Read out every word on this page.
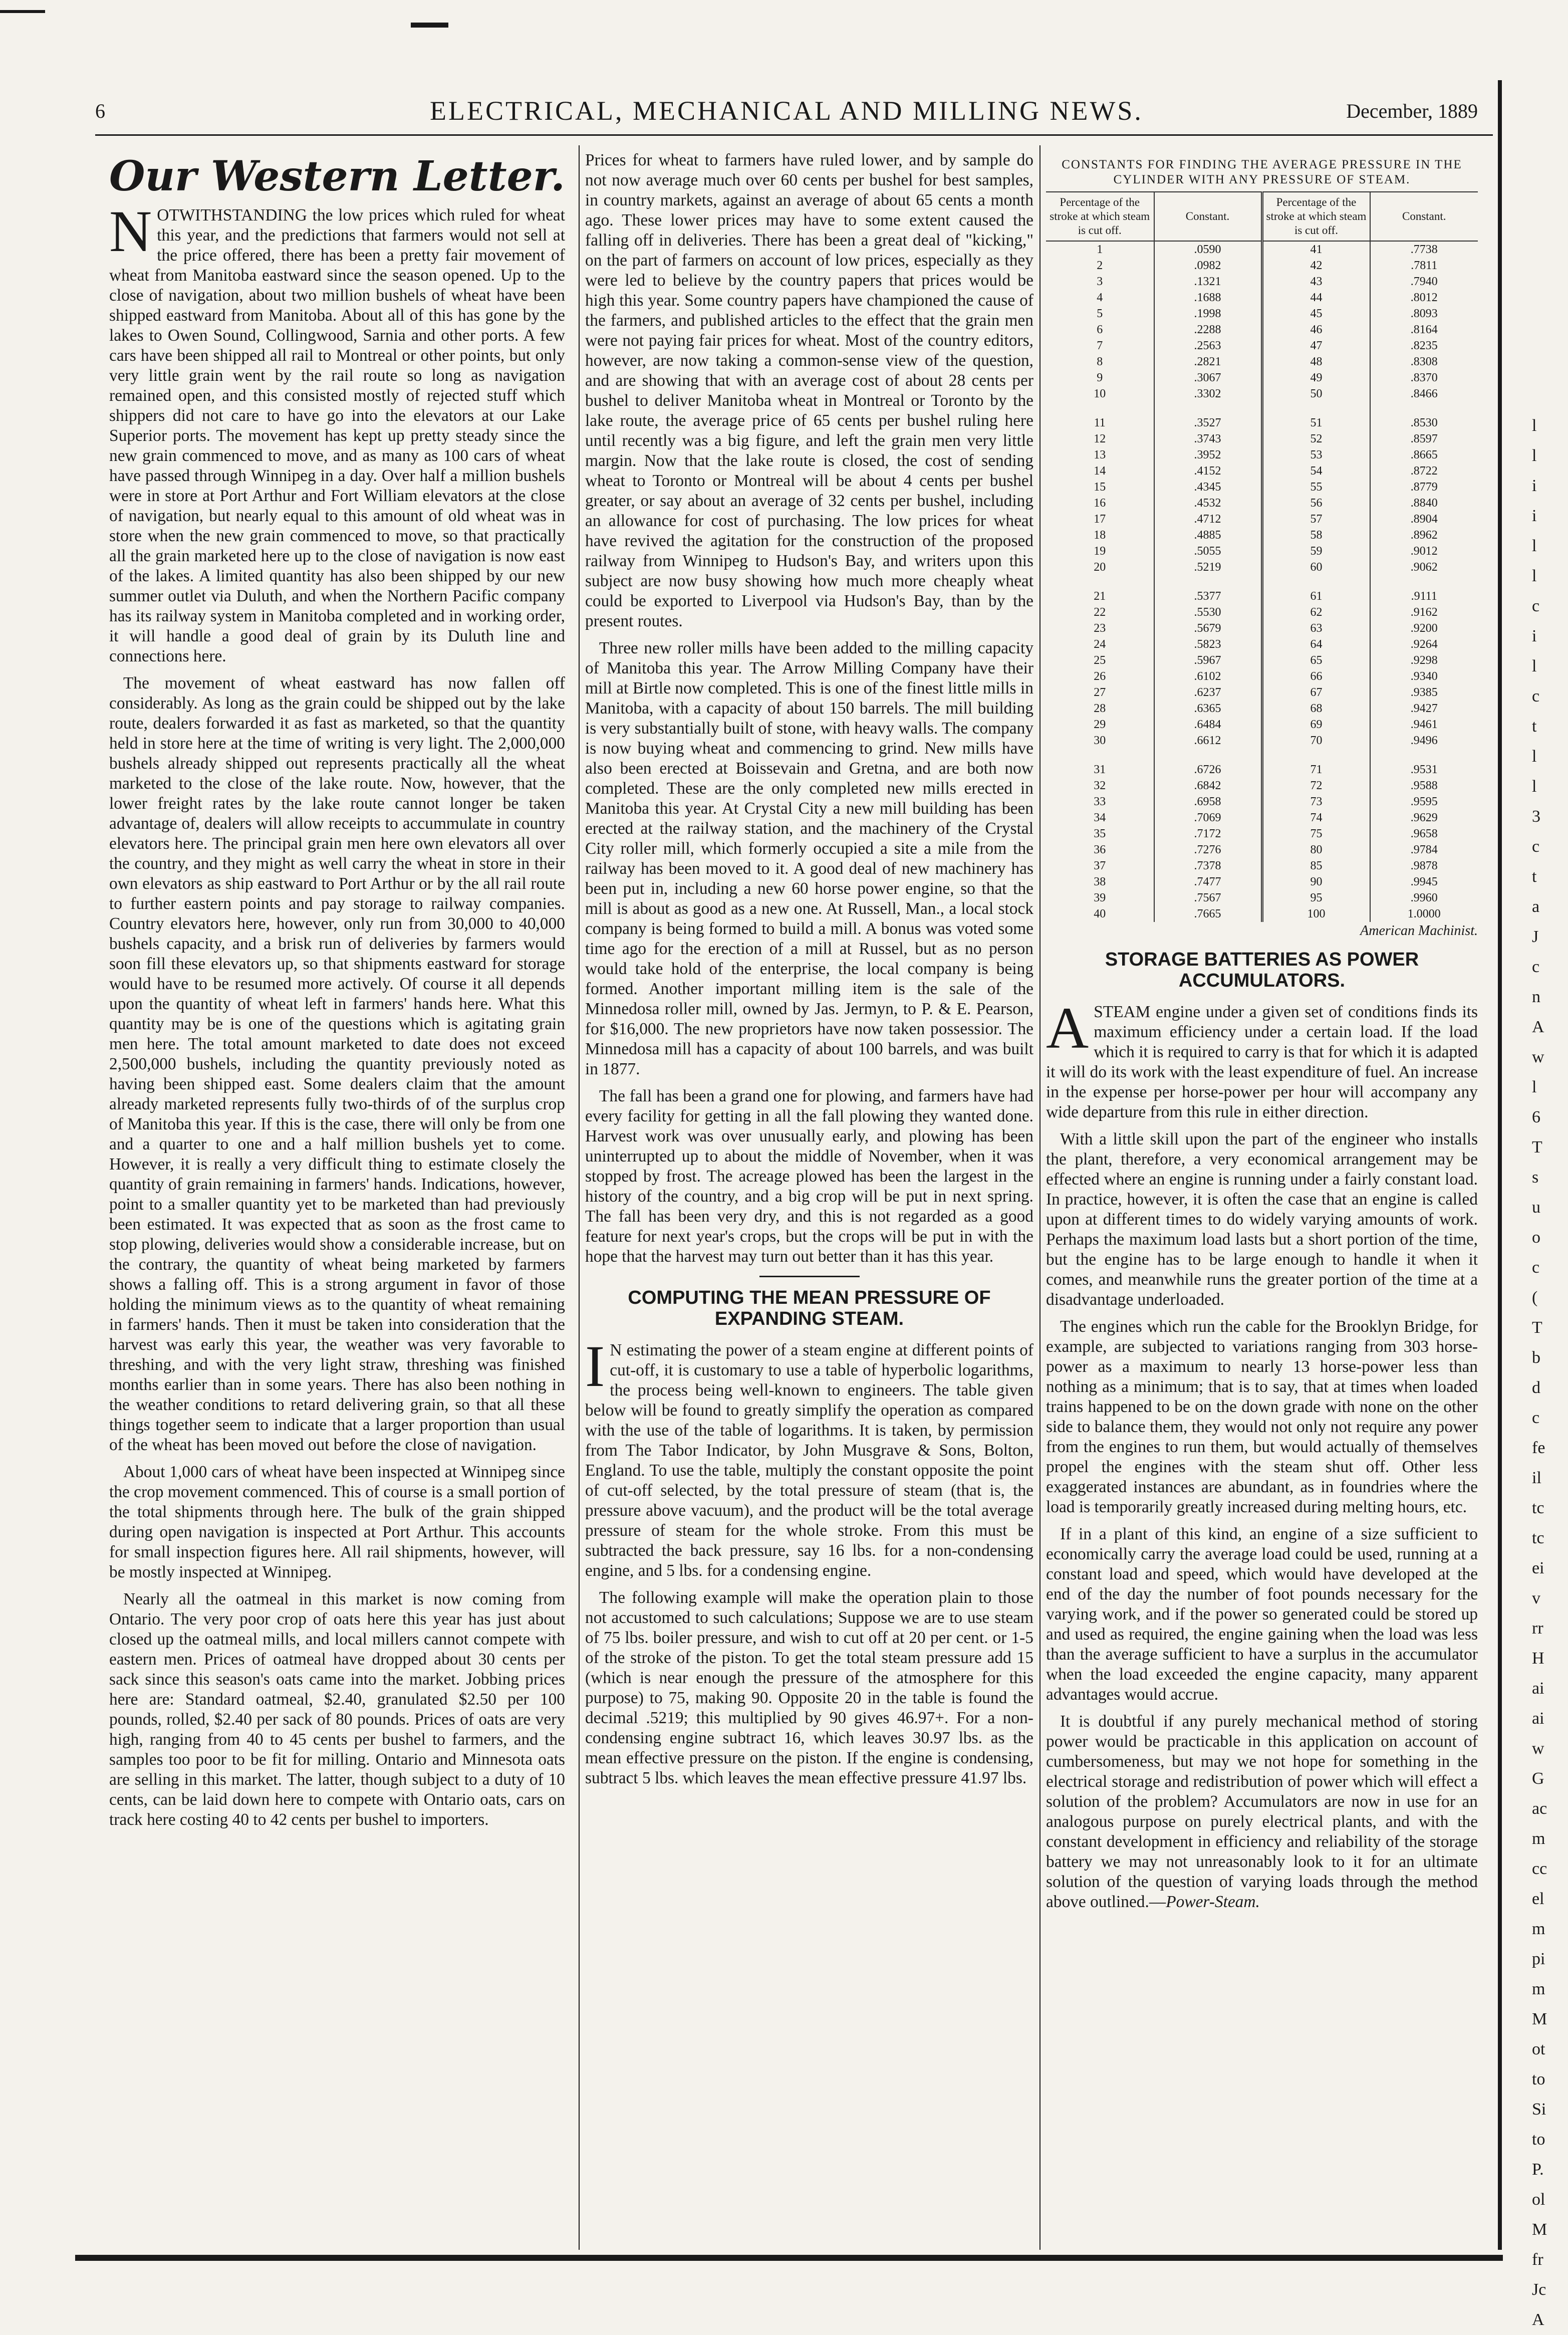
6	ELECTRICAL, MECHANICAL AND MILLING NEWS.	December, 1889
Our Western Letter.

NOTWITHSTANDING the low prices which ruled for wheat this year, and the predictions that farmers would not sell at the price offered, there has been a pretty fair movement of wheat from Manitoba eastward since the season opened. Up to the close of navigation, about two million bushels of wheat have been shipped eastward from Manitoba. About all of this has gone by the lakes to Owen Sound, Collingwood, Sarnia and other ports. A few cars have been shipped all rail to Montreal or other points, but only very little grain went by the rail route so long as navigation remained open, and this consisted mostly of rejected stuff which shippers did not care to have go into the elevators at our Lake Superior ports. The movement has kept up pretty steady since the new grain commenced to move, and as many as 100 cars of wheat have passed through Winnipeg in a day. Over half a million bushels were in store at Port Arthur and Fort William elevators at the close of navigation, but nearly equal to this amount of old wheat was in store when the new grain commenced to move, so that practically all the grain marketed here up to the close of navigation is now east of the lakes. A limited quantity has also been shipped by our new summer outlet via Duluth, and when the Northern Pacific company has its railway system in Manitoba completed and in working order, it will handle a good deal of grain by its Duluth line and connections here.

The movement of wheat eastward has now fallen off considerably. As long as the grain could be shipped out by the lake route, dealers forwarded it as fast as marketed, so that the quantity held in store here at the time of writing is very light. The 2,000,000 bushels already shipped out represents practically all the wheat marketed to the close of the lake route. Now, however, that the lower freight rates by the lake route cannot longer be taken advantage of, dealers will allow receipts to accummulate in country elevators here. The principal grain men here own elevators all over the country, and they might as well carry the wheat in store in their own elevators as ship eastward to Port Arthur or by the all rail route to further eastern points and pay storage to railway companies. Country elevators here, however, only run from 30,000 to 40,000 bushels capacity, and a brisk run of deliveries by farmers would soon fill these elevators up, so that shipments eastward for storage would have to be resumed more actively. Of course it all depends upon the quantity of wheat left in farmers' hands here. What this quantity may be is one of the questions which is agitating grain men here. The total amount marketed to date does not exceed 2,500,000 bushels, including the quantity previously noted as having been shipped east. Some dealers claim that the amount already marketed represents fully two-thirds of of the surplus crop of Manitoba this year. If this is the case, there will only be from one and a quarter to one and a half million bushels yet to come. However, it is really a very difficult thing to estimate closely the quantity of grain remaining in farmers' hands. Indications, however, point to a smaller quantity yet to be marketed than had previously been estimated. It was expected that as soon as the frost came to stop plowing, deliveries would show a considerable increase, but on the contrary, the quantity of wheat being marketed by farmers shows a falling off. This is a strong argument in favor of those holding the minimum views as to the quantity of wheat remaining in farmers' hands. Then it must be taken into consideration that the harvest was early this year, the weather was very favorable to threshing, and with the very light straw, threshing was finished months earlier than in some years. There has also been nothing in the weather conditions to retard delivering grain, so that all these things together seem to indicate that a larger proportion than usual of the wheat has been moved out before the close of navigation.

About 1,000 cars of wheat have been inspected at Winnipeg since the crop movement commenced. This of course is a small portion of the total shipments through here. The bulk of the grain shipped during open navigation is inspected at Port Arthur. This accounts for small inspection figures here. All rail shipments, however, will be mostly inspected at Winnipeg.

Nearly all the oatmeal in this market is now coming from Ontario. The very poor crop of oats here this year has just about closed up the oatmeal mills, and local millers cannot compete with eastern men. Prices of oatmeal have dropped about 30 cents per sack since this season's oats came into the market. Jobbing prices here are: Standard oatmeal, $2.40, granulated $2.50 per 100 pounds, rolled, $2.40 per sack of 80 pounds. Prices of oats are very high, ranging from 40 to 45 cents per bushel to farmers, and the samples too poor to be fit for milling. Ontario and Minnesota oats are selling in this market. The latter, though subject to a duty of 10 cents, can be laid down here to compete with Ontario oats, cars on track here costing 40 to 42 cents per bushel to importers.

Prices for wheat to farmers have ruled lower, and by sample do not now average much over 60 cents per bushel for best samples, in country markets, against an average of about 65 cents a month ago. These lower prices may have to some extent caused the falling off in deliveries. There has been a great deal of "kicking," on the part of farmers on account of low prices, especially as they were led to believe by the country papers that prices would be high this year. Some country papers have championed the cause of the farmers, and published articles to the effect that the grain men were not paying fair prices for wheat. Most of the country editors, however, are now taking a common-sense view of the question, and are showing that with an average cost of about 28 cents per bushel to deliver Manitoba wheat in Montreal or Toronto by the lake route, the average price of 65 cents per bushel ruling here until recently was a big figure, and left the grain men very little margin. Now that the lake route is closed, the cost of sending wheat to Toronto or Montreal will be about 4 cents per bushel greater, or say about an average of 32 cents per bushel, including an allowance for cost of purchasing. The low prices for wheat have revived the agitation for the construction of the proposed railway from Winnipeg to Hudson's Bay, and writers upon this subject are now busy showing how much more cheaply wheat could be exported to Liverpool via Hudson's Bay, than by the present routes.

Three new roller mills have been added to the milling capacity of Manitoba this year. The Arrow Milling Company have their mill at Birtle now completed. This is one of the finest little mills in Manitoba, with a capacity of about 150 barrels. The mill building is very substantially built of stone, with heavy walls. The company is now buying wheat and commencing to grind. New mills have also been erected at Boissevain and Gretna, and are both now completed. These are the only completed new mills erected in Manitoba this year. At Crystal City a new mill building has been erected at the railway station, and the machinery of the Crystal City roller mill, which formerly occupied a site a mile from the railway has been moved to it. A good deal of new machinery has been put in, including a new 60 horse power engine, so that the mill is about as good as a new one. At Russell, Man., a local stock company is being formed to build a mill. A bonus was voted some time ago for the erection of a mill at Russel, but as no person would take hold of the enterprise, the local company is being formed. Another important milling item is the sale of the Minnedosa roller mill, owned by Jas. Jermyn, to P. & E. Pearson, for $16,000. The new proprietors have now taken possessior. The Minnedosa mill has a capacity of about 100 barrels, and was built in 1877.

The fall has been a grand one for plowing, and farmers have had every facility for getting in all the fall plowing they wanted done. Harvest work was over unusually early, and plowing has been uninterrupted up to about the middle of November, when it was stopped by frost. The acreage plowed has been the largest in the history of the country, and a big crop will be put in next spring. The fall has been very dry, and this is not regarded as a good feature for next year's crops, but the crops will be put in with the hope that the harvest may turn out better than it has this year.

COMPUTING THE MEAN PRESSURE OF EXPANDING STEAM.

I N estimating the power of a steam engine at different points of cut-off, it is customary to use a table of hyperbolic logarithms, the process being well-known to engineers. The table given below will be found to greatly simplify the operation as compared with the use of the table of logarithms. It is taken, by permission from The Tabor Indicator, by John Musgrave & Sons, Bolton, England. To use the table, multiply the constant opposite the point of cut-off selected, by the total pressure of steam (that is, the pressure above vacuum), and the product will be the total average pressure of steam for the whole stroke. From this must be subtracted the back pressure, say 16 lbs. for a non-condensing engine, and 5 lbs. for a condensing engine.

The following example will make the operation plain to those not accustomed to such calculations; Suppose we are to use steam of 75 lbs. boiler pressure, and wish to cut off at 20 per cent. or 1-5 of the stroke of the piston. To get the total steam pressure add 15 (which is near enough the pressure of the atmosphere for this purpose) to 75, making 90. Opposite 20 in the table is found the decimal .5219; this multiplied by 90 gives 46.97+. For a non-condensing engine subtract 16, which leaves 30.97 lbs. as the mean effective pressure on the piston. If the engine is condensing, subtract 5 lbs. which leaves the mean effective pressure 41.97 lbs.

CONSTANTS FOR FINDING THE AVERAGE PRESSURE IN THE CYLINDER WITH ANY PRESSURE OF STEAM.
Percentage of the stroke at which steam is cut off.	Constant.	Percentage of the stroke at which steam is cut off.	Constant.
1	.0590	41	.7738
2	.0982	42	.7811
3	.1321	43	.7940
4	.1688	44	.8012
5	.1998	45	.8093
6	.2288	46	.8164
7	.2563	47	.8235
8	.2821	48	.8308
9	.3067	49	.8370
10	.3302	50	.8466

11	.3527	51	.8530
12	.3743	52	.8597
13	.3952	53	.8665
14	.4152	54	.8722
15	.4345	55	.8779
16	.4532	56	.8840
17	.4712	57	.8904
18	.4885	58	.8962
19	.5055	59	.9012
20	.5219	60	.9062

21	.5377	61	.9111
22	.5530	62	.9162
23	.5679	63	.9200
24	.5823	64	.9264
25	.5967	65	.9298
26	.6102	66	.9340
27	.6237	67	.9385
28	.6365	68	.9427
29	.6484	69	.9461
30	.6612	70	.9496

31	.6726	71	.9531
32	.6842	72	.9588
33	.6958	73	.9595
34	.7069	74	.9629
35	.7172	75	.9658
36	.7276	80	.9784
37	.7378	85	.9878
38	.7477	90	.9945
39	.7567	95	.9960
40	.7665	100	1.0000
American Machinist.
STORAGE BATTERIES AS POWER ACCUMULATORS.

ASTEAM engine under a given set of conditions finds its maximum efficiency under a certain load. If the load which it is required to carry is that for which it is adapted it will do its work with the least expenditure of fuel. An increase in the expense per horse-power per hour will accompany any wide departure from this rule in either direction.

With a little skill upon the part of the engineer who installs the plant, therefore, a very economical arrangement may be effected where an engine is running under a fairly constant load. In practice, however, it is often the case that an engine is called upon at different times to do widely varying amounts of work. Perhaps the maximum load lasts but a short portion of the time, but the engine has to be large enough to handle it when it comes, and meanwhile runs the greater portion of the time at a disadvantage underloaded.

The engines which run the cable for the Brooklyn Bridge, for example, are subjected to variations ranging from 303 horse-power as a maximum to nearly 13 horse-power less than nothing as a minimum; that is to say, that at times when loaded trains happened to be on the down grade with none on the other side to balance them, they would not only not require any power from the engines to run them, but would actually of themselves propel the engines with the steam shut off. Other less exaggerated instances are abundant, as in foundries where the load is temporarily greatly increased during melting hours, etc.

If in a plant of this kind, an engine of a size sufficient to economically carry the average load could be used, running at a constant load and speed, which would have developed at the end of the day the number of foot pounds necessary for the varying work, and if the power so generated could be stored up and used as required, the engine gaining when the load was less than the average sufficient to have a surplus in the accumulator when the load exceeded the engine capacity, many apparent advantages would accrue.

It is doubtful if any purely mechanical method of storing power would be practicable in this application on account of cumbersomeness, but may we not hope for something in the electrical storage and redistribution of power which will effect a solution of the problem? Accumulators are now in use for an analogous purpose on purely electrical plants, and with the constant development in efficiency and reliability of the storage battery we may not unreasonably look to it for an ultimate solution of the question of varying loads through the method above outlined.—Power-Steam.

l
l
i
i
l
l
c
i
l
c
t
l
l
3
c
t
a
J
c
n
A
w
l
6
T
s
u
o
c
(
T
b
d
c
fe
il
tc
tc
ei
v
rr
H
ai
ai
w
G
ac
m
cc
el
m
pi
m
M
ot
to
Si
to
P.
ol
M
fr
Jc
A
